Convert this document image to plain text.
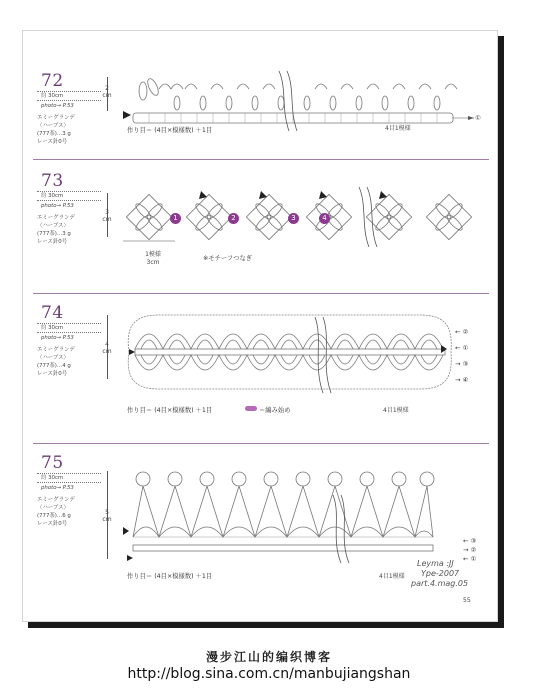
72
約 30cm
photo→ P.53
エミーグランデ
〈ハーブス〉
(777茶)…3 g
レース針0号
2
cm
①
作り目＝ (4目×模様数) ＋1目	4目1模様
73
約 30cm
photo→ P.53
エミーグランデ
〈ハーブス〉
(777茶)…3 g
レース針0号
3
cm	1	2	3	4
1模様
3cm
※モチーフつなぎ
74
約 30cm
photo→ P.53
エミーグランデ
〈ハーブス〉
(777茶)…4 g
レース針0号
4
cm
← ②
← ①
→ ③
→ ④
作り目＝ (4目×模様数) ＋1目	＝編み始め	4目1模様
75
約 30cm
photo→ P.53
エミーグランデ
〈ハーブス〉
(777茶)…6 g
レース針0号
5
cm
← ③
→ ②
← ①
作り目＝ (4目×模様数) ＋1目	4目1模様
Leyma :JJ
Ype-2007
part.4.mag.05
55
漫步江山的编织博客
http://blog.sina.com.cn/manbujiangshan
